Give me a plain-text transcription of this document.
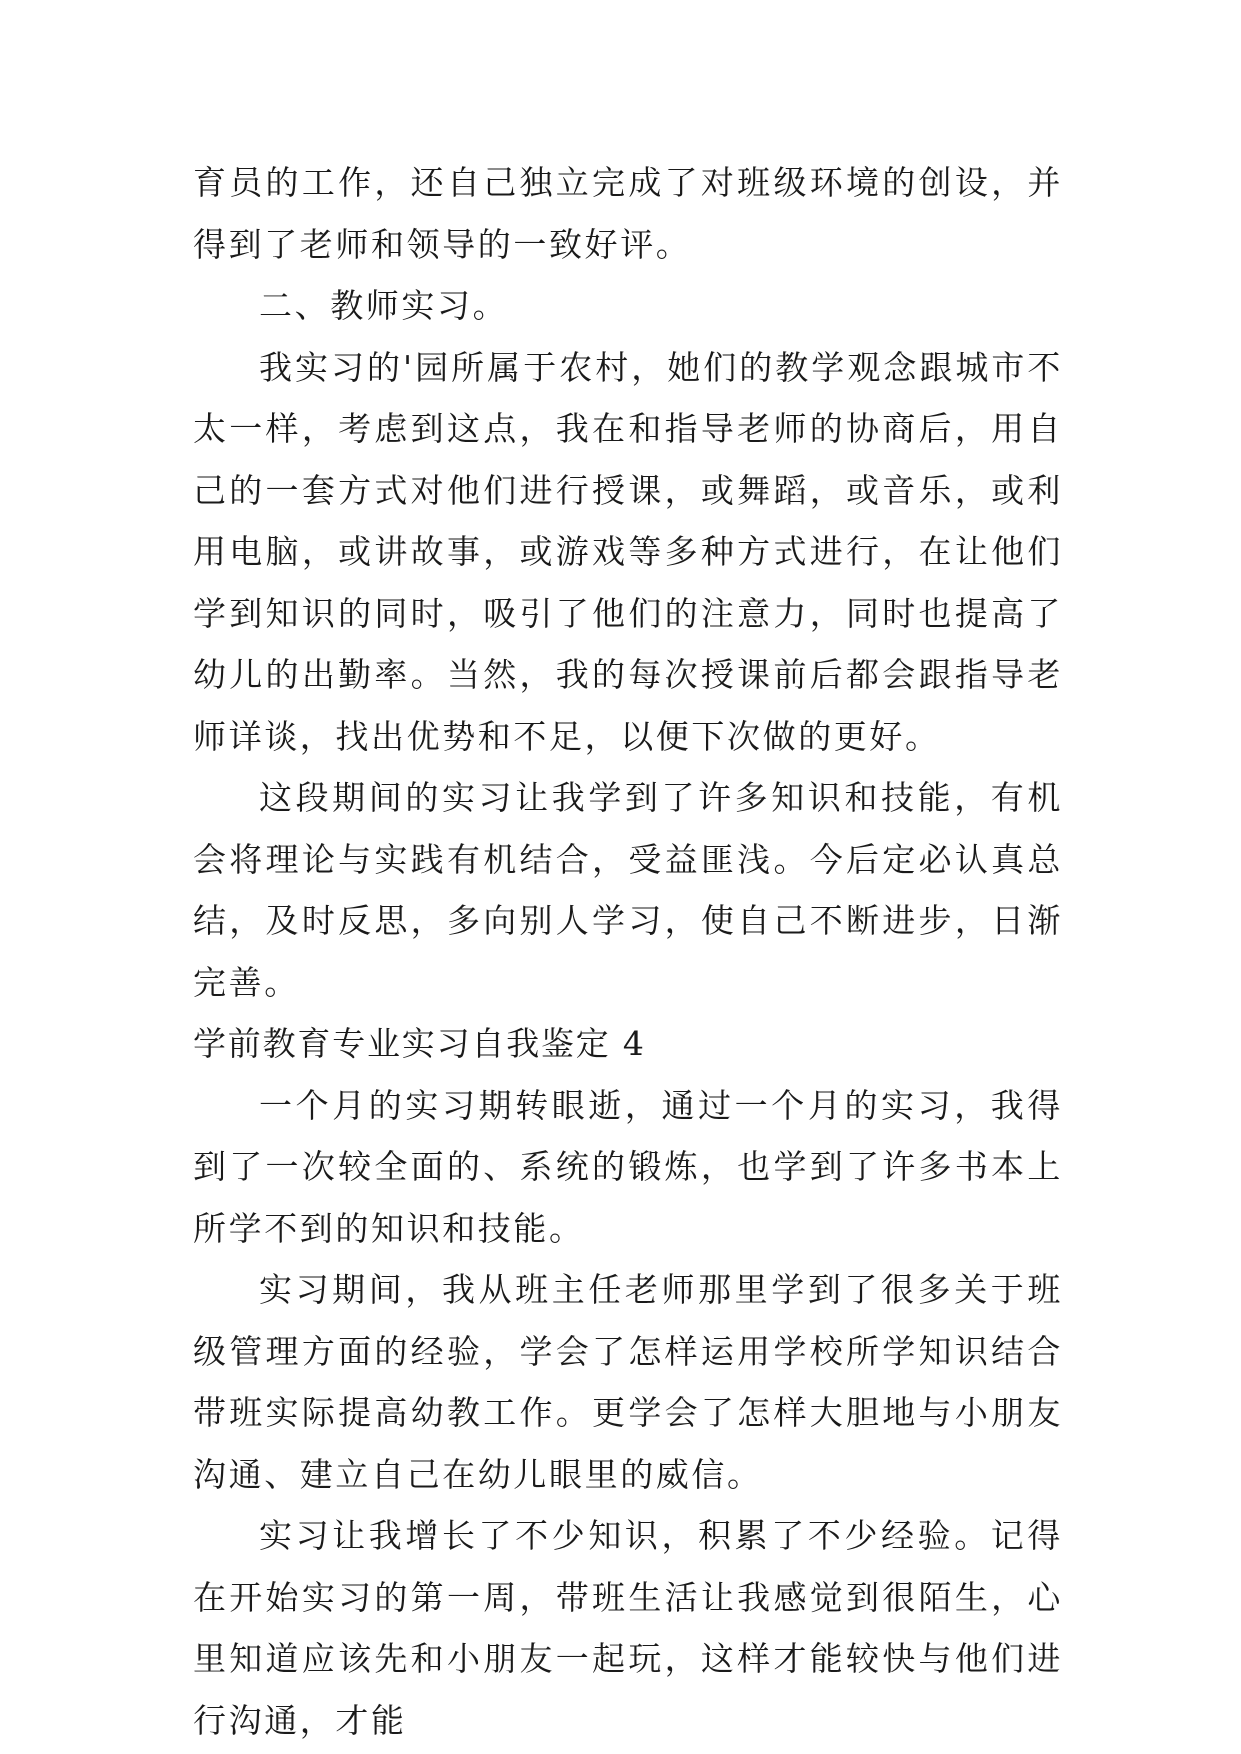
育员的工作，还自己独立完成了对班级环境的创设，并得到了老师和领导的一致好评。

二、教师实习。

我实习的'园所属于农村，她们的教学观念跟城市不太一样，考虑到这点，我在和指导老师的协商后，用自己的一套方式对他们进行授课，或舞蹈，或音乐，或利用电脑，或讲故事，或游戏等多种方式进行，在让他们学到知识的同时，吸引了他们的注意力，同时也提高了幼儿的出勤率。当然，我的每次授课前后都会跟指导老师详谈，找出优势和不足，以便下次做的更好。

这段期间的实习让我学到了许多知识和技能，有机会将理论与实践有机结合，受益匪浅。今后定必认真总结，及时反思，多向别人学习，使自己不断进步，日渐完善。

学前教育专业实习自我鉴定 4

一个月的实习期转眼逝，通过一个月的实习，我得到了一次较全面的、系统的锻炼，也学到了许多书本上所学不到的知识和技能。

实习期间，我从班主任老师那里学到了很多关于班级管理方面的经验，学会了怎样运用学校所学知识结合带班实际提高幼教工作。更学会了怎样大胆地与小朋友沟通、建立自己在幼儿眼里的威信。

实习让我增长了不少知识，积累了不少经验。记得在开始实习的第一周，带班生活让我感觉到很陌生，心里知道应该先和小朋友一起玩，这样才能较快与他们进行沟通，才能
